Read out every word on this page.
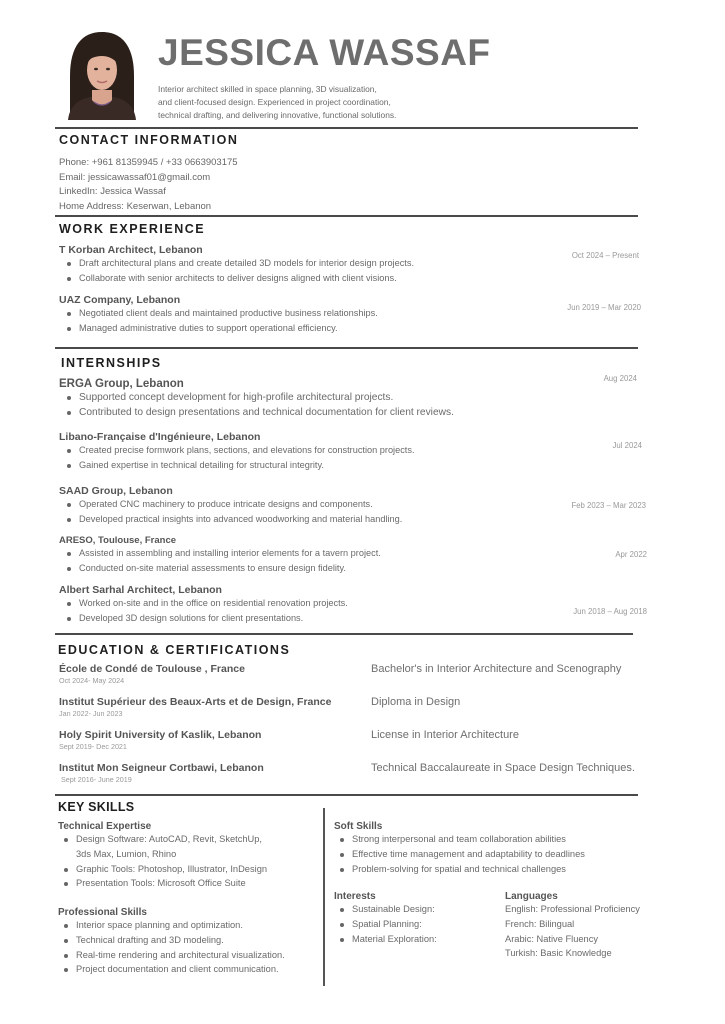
JESSICA WASSAF
Interior architect skilled in space planning, 3D visualization,
and client-focused design. Experienced in project coordination,
technical drafting, and delivering innovative, functional solutions.
CONTACT INFORMATION
Phone: +961 81359945 / +33 0663903175
Email: jessicawassaf01@gmail.com
LinkedIn: Jessica Wassaf
Home Address: Keserwan, Lebanon
WORK EXPERIENCE
T Korban Architect, Lebanon
Draft architectural plans and create detailed 3D models for interior design projects.
Collaborate with senior architects to deliver designs aligned with client visions.
Oct 2024 – Present
UAZ Company, Lebanon
Negotiated client deals and maintained productive business relationships.
Managed administrative duties to support operational efficiency.
Jun 2019 – Mar 2020
INTERNSHIPS
ERGA Group, Lebanon
Supported concept development for high-profile architectural projects.
Contributed to design presentations and technical documentation for client reviews.
Aug 2024
Libano-Française d'Ingénieure, Lebanon
Created precise formwork plans, sections, and elevations for construction projects.
Gained expertise in technical detailing for structural integrity.
Jul 2024
SAAD Group, Lebanon
Operated CNC machinery to produce intricate designs and components.
Developed practical insights into advanced woodworking and material handling.
Feb 2023 – Mar 2023
ARESO, Toulouse, France
Assisted in assembling and installing interior elements for a tavern project.
Conducted on-site material assessments to ensure design fidelity.
Apr 2022
Albert Sarhal Architect, Lebanon
Worked on-site and in the office on residential renovation projects.
Developed 3D design solutions for client presentations.
Jun 2018 – Aug 2018
EDUCATION & CERTIFICATIONS
École de Condé de Toulouse , France
Oct 2024- May 2024
Bachelor's in Interior Architecture and Scenography
Institut Supérieur des Beaux-Arts et de Design, France
Jan 2022- Jun 2023
Diploma in Design
Holy Spirit University of Kaslik, Lebanon
Sept 2019- Dec 2021
License in Interior Architecture
Institut Mon Seigneur Cortbawi, Lebanon
Sept 2016- June 2019
Technical Baccalaureate in Space Design Techniques.
KEY SKILLS
Technical Expertise
Design Software: AutoCAD, Revit, SketchUp,
3ds Max, Lumion, Rhino
Graphic Tools: Photoshop, Illustrator, InDesign
Presentation Tools: Microsoft Office Suite
Professional Skills
Interior space planning and optimization.
Technical drafting and 3D modeling.
Real-time rendering and architectural visualization.
Project documentation and client communication.
Soft Skills
Strong interpersonal and team collaboration abilities
Effective time management and adaptability to deadlines
Problem-solving for spatial and technical challenges
Interests
Sustainable Design:
Spatial Planning:
Material Exploration:
Languages
English: Professional Proficiency
French: Bilingual
Arabic: Native Fluency
Turkish: Basic Knowledge
